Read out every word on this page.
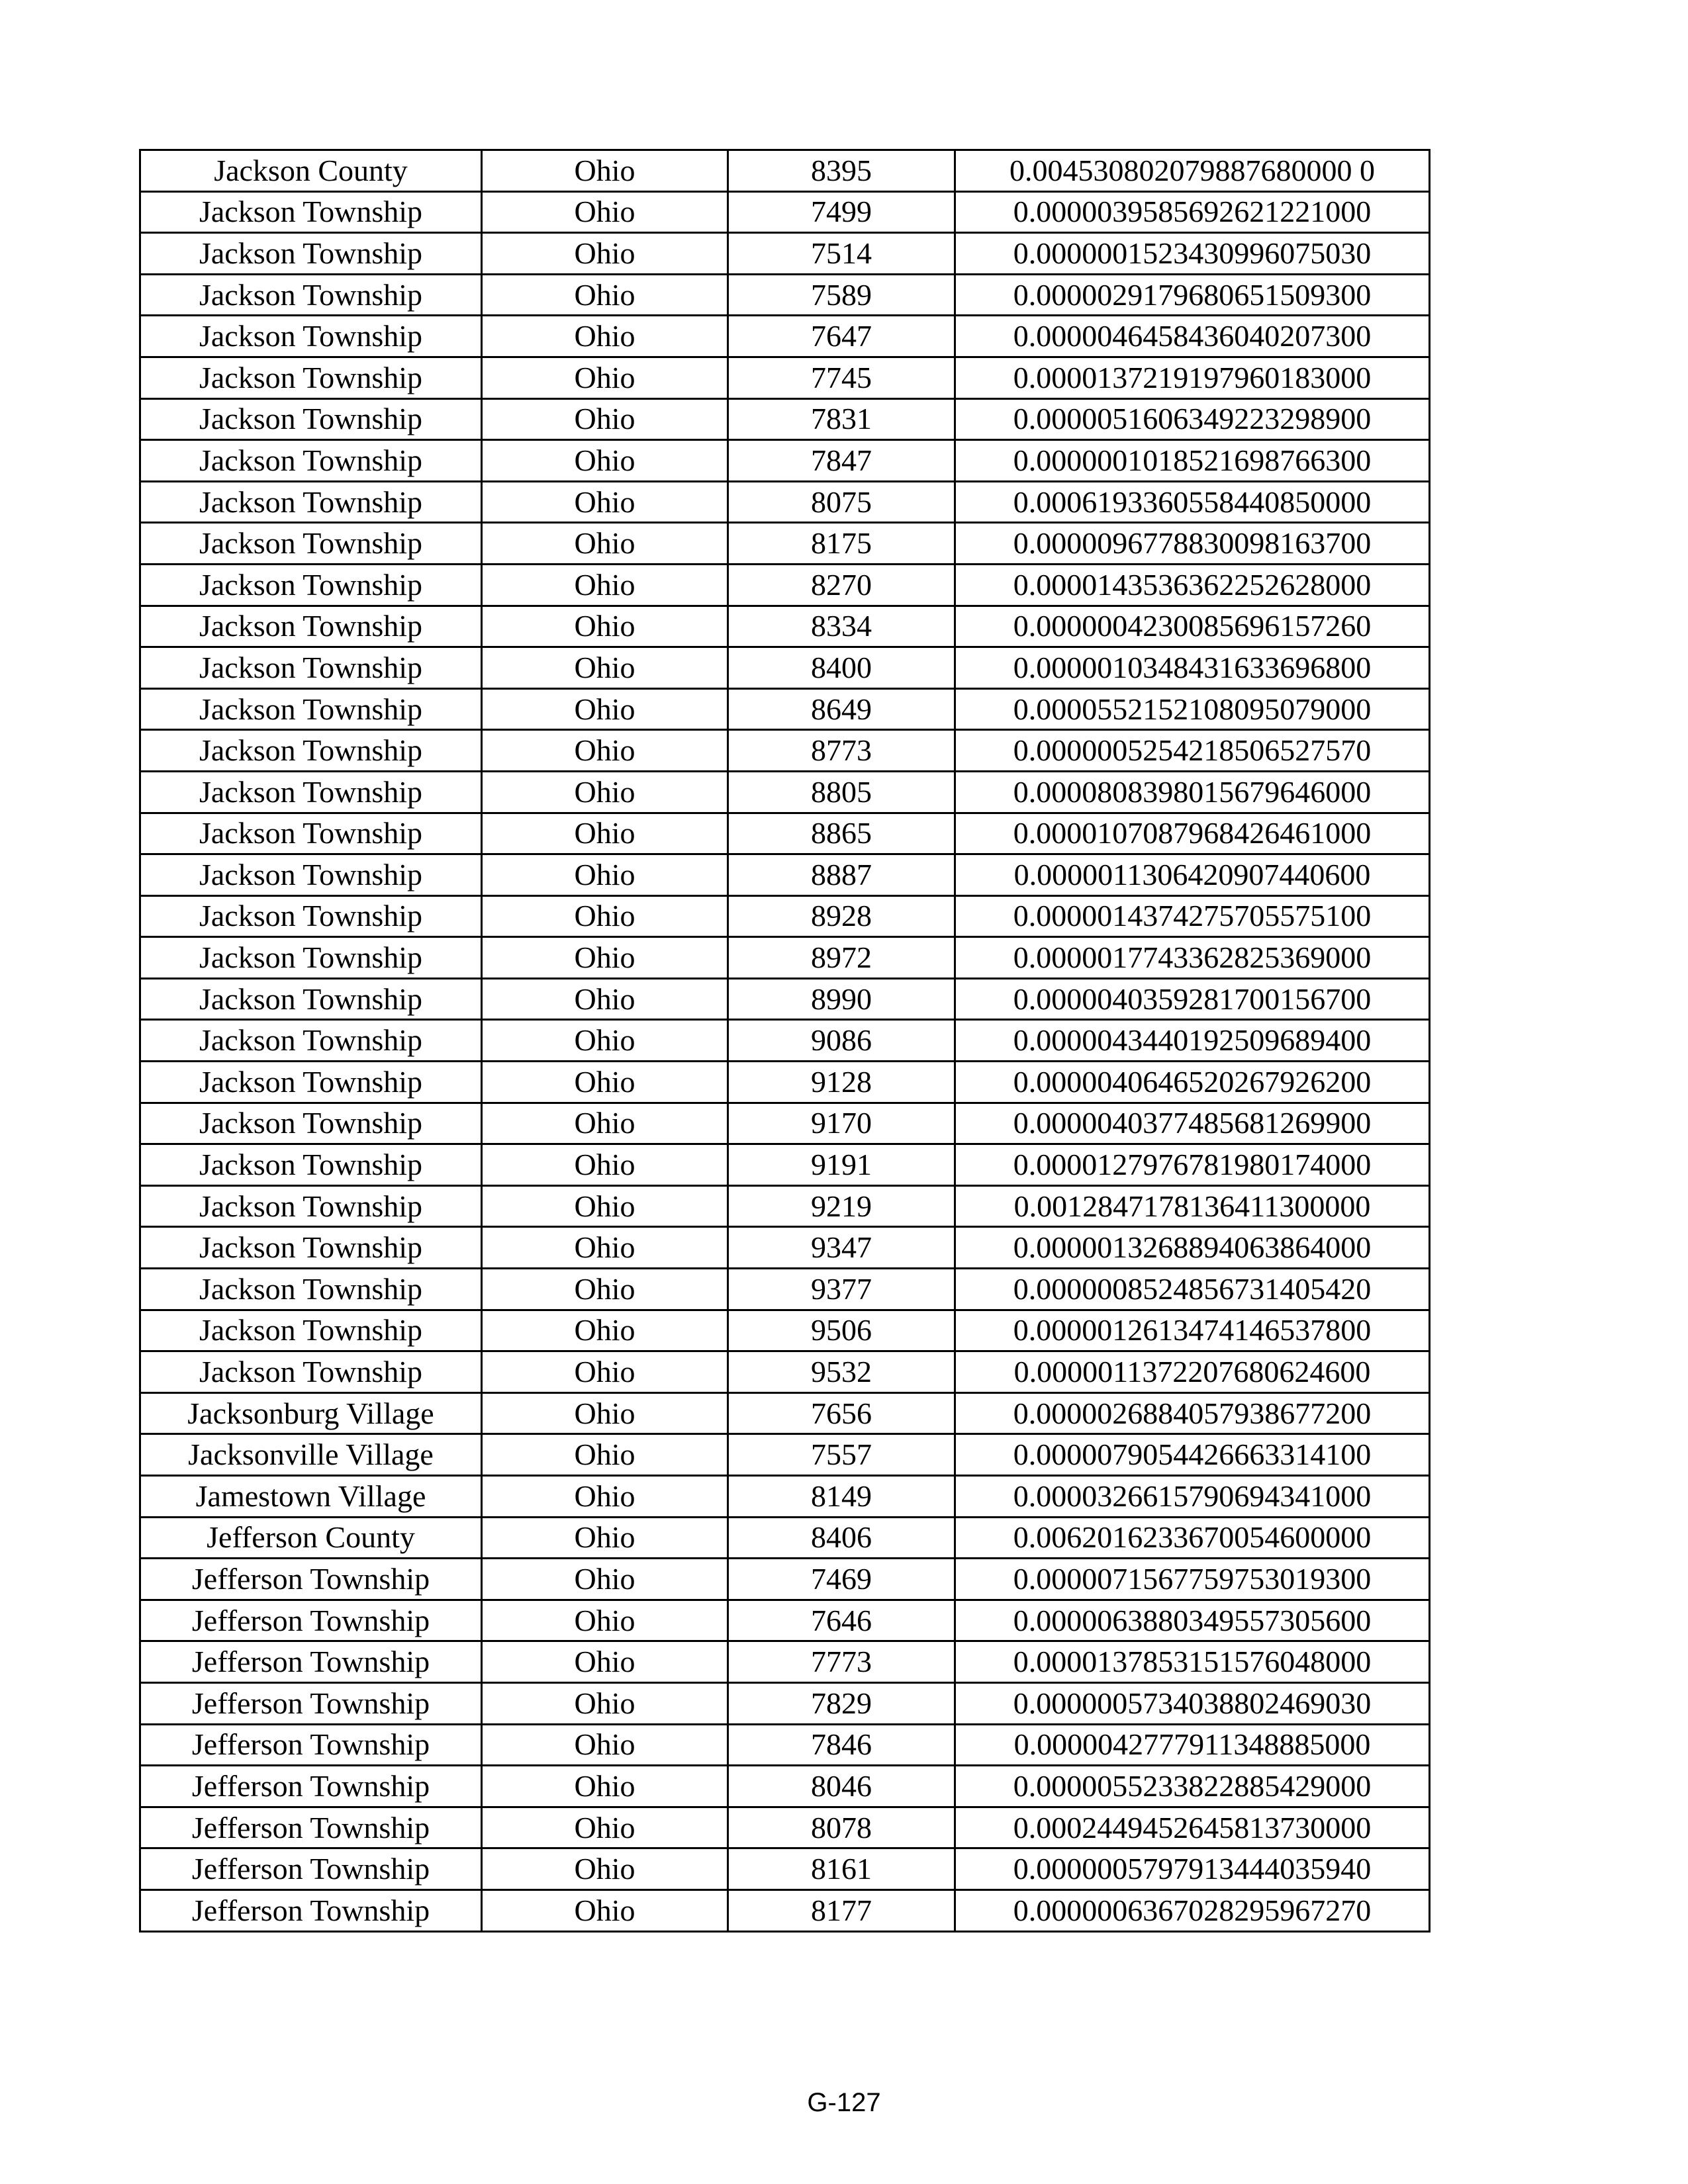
Jackson County	Ohio	8395	0.004530802079887680000 0
Jackson Township	Ohio	7499	0.0000039585692621221000
Jackson Township	Ohio	7514	0.0000001523430996075030
Jackson Township	Ohio	7589	0.0000029179680651509300
Jackson Township	Ohio	7647	0.0000046458436040207300
Jackson Township	Ohio	7745	0.0000137219197960183000
Jackson Township	Ohio	7831	0.0000051606349223298900
Jackson Township	Ohio	7847	0.0000001018521698766300
Jackson Township	Ohio	8075	0.0006193360558440850000
Jackson Township	Ohio	8175	0.0000096778830098163700
Jackson Township	Ohio	8270	0.0000143536362252628000
Jackson Township	Ohio	8334	0.0000004230085696157260
Jackson Township	Ohio	8400	0.0000010348431633696800
Jackson Township	Ohio	8649	0.0000552152108095079000
Jackson Township	Ohio	8773	0.0000005254218506527570
Jackson Township	Ohio	8805	0.0000808398015679646000
Jackson Township	Ohio	8865	0.0000107087968426461000
Jackson Township	Ohio	8887	0.0000011306420907440600
Jackson Township	Ohio	8928	0.0000014374275705575100
Jackson Township	Ohio	8972	0.0000017743362825369000
Jackson Township	Ohio	8990	0.0000040359281700156700
Jackson Township	Ohio	9086	0.0000043440192509689400
Jackson Township	Ohio	9128	0.0000040646520267926200
Jackson Township	Ohio	9170	0.0000040377485681269900
Jackson Township	Ohio	9191	0.0000127976781980174000
Jackson Township	Ohio	9219	0.0012847178136411300000
Jackson Township	Ohio	9347	0.0000013268894063864000
Jackson Township	Ohio	9377	0.0000008524856731405420
Jackson Township	Ohio	9506	0.0000012613474146537800
Jackson Township	Ohio	9532	0.0000011372207680624600
Jacksonburg Village	Ohio	7656	0.0000026884057938677200
Jacksonville Village	Ohio	7557	0.0000079054426663314100
Jamestown Village	Ohio	8149	0.0000326615790694341000
Jefferson County	Ohio	8406	0.0062016233670054600000
Jefferson Township	Ohio	7469	0.0000071567759753019300
Jefferson Township	Ohio	7646	0.0000063880349557305600
Jefferson Township	Ohio	7773	0.0000137853151576048000
Jefferson Township	Ohio	7829	0.0000005734038802469030
Jefferson Township	Ohio	7846	0.0000042777911348885000
Jefferson Township	Ohio	8046	0.0000055233822885429000
Jefferson Township	Ohio	8078	0.0002449452645813730000
Jefferson Township	Ohio	8161	0.0000005797913444035940
Jefferson Township	Ohio	8177	0.0000006367028295967270
G-127
